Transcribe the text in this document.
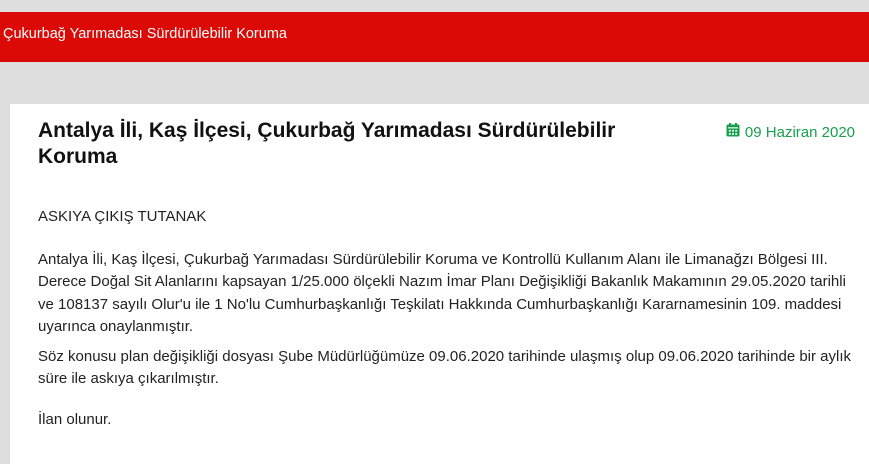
Çukurbağ Yarımadası Sürdürülebilir Koruma
Antalya İli, Kaş İlçesi, Çukurbağ Yarımadası Sürdürülebilir Koruma
09 Haziran 2020

ASKIYA ÇIKIŞ TUTANAK

Antalya İli, Kaş İlçesi, Çukurbağ Yarımadası Sürdürülebilir Koruma ve Kontrollü Kullanım Alanı ile Limanağzı Bölgesi III. Derece Doğal Sit Alanlarını kapsayan 1/25.000 ölçekli Nazım İmar Planı Değişikliği Bakanlık Makamının 29.05.2020 tarihli ve 108137 sayılı Olur'u ile 1 No'lu Cumhurbaşkanlığı Teşkilatı Hakkında Cumhurbaşkanlığı Kararnamesinin 109. maddesi uyarınca onaylanmıştır.

Söz konusu plan değişikliği dosyası Şube Müdürlüğümüze 09.06.2020 tarihinde ulaşmış olup 09.06.2020 tarihinde bir aylık süre ile askıya çıkarılmıştır.

İlan olunur.
